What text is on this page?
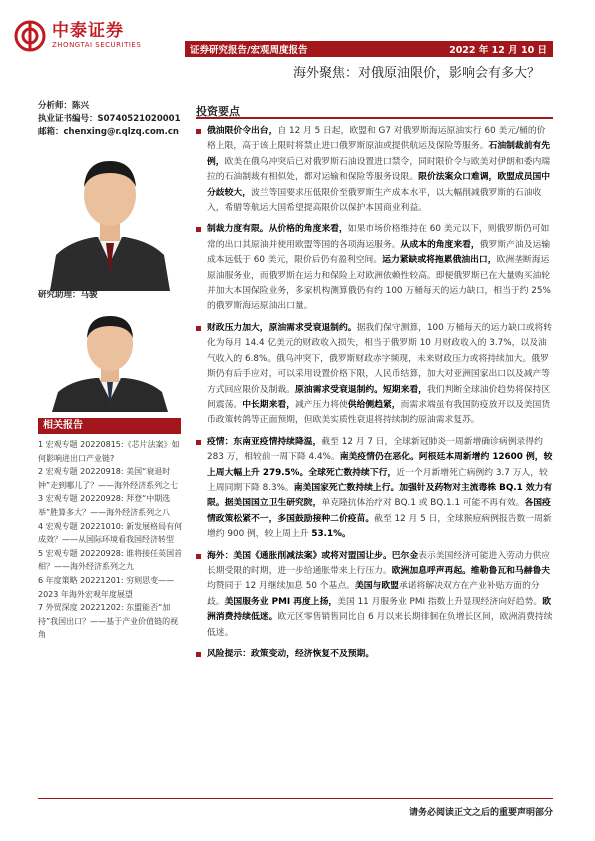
中泰证券
ZHONGTAI SECURITIES	证券研究报告/宏观周度报告	2022 年 12 月 10 日
海外聚焦：对俄原油限价，影响会有多大？
分析师：陈兴
执业证书编号：S0740521020001
邮箱：chenxing@r.qlzq.com.cn
研究助理：马骏
相关报告

1 宏观专题 20220815:《芯片法案》如何影响进出口产业链?

2 宏观专题 20220918: 美国“衰退时钟”走到哪儿了？——海外经济系列之七

3 宏观专题 20220928: 拜登“中期选举”胜算多大？——海外经济系列之八

4 宏观专题 20221010: 新发展格局有何成效？——从国际环境看我国经济转型

5 宏观专题 20220928: 谁将接任英国首相？——海外经济系列之九

6 年度策略 20221201: 穷则思变——2023 年海外宏观年度展望

7 外贸深度 20221202: 东盟能否“加持”我国出口？——基于产业价值链的视角

投资要点
俄油限价令出台，自 12 月 5 日起，欧盟和 G7 对俄罗斯海运原油实行 60 美元/桶的价格上限，高于该上限时将禁止进口俄罗斯原油或提供航运及保险等服务。石油制裁前有先例，欧美在俄乌冲突后已对俄罗斯石油设置进口禁令，同时限价令与欧美对伊朗和委内瑞拉的石油制裁有相似处，都对运输和保险等服务设限。限价法案众口难调，欧盟成员国中分歧较大，波兰等国要求压低限价至俄罗斯生产成本水平，以大幅削减俄罗斯的石油收入，希腊等航运大国希望提高限价以保护本国商业利益。
制裁力度有限。从价格的角度来看，如果市场价格维持在 60 美元以下，则俄罗斯仍可如常的出口其原油并使用欧盟等国的各项海运服务。从成本的角度来看，俄罗斯产油及运输成本远低于 60 美元，限价后仍有盈利空间。运力紧缺或将拖累俄油出口，欧洲垄断海运原油服务业，而俄罗斯在运力和保险上对欧洲依赖性较高。即便俄罗斯已在大量购买油轮并加大本国保险业务，多家机构测算俄仍有约 100 万桶每天的运力缺口，相当于约 25%的俄罗斯海运原油出口量。
财政压力加大，原油需求受衰退制约。据我们保守测算，100 万桶每天的运力缺口或将转化为每月 14.4 亿美元的财政收入损失，相当于俄罗斯 10 月财政收入的 3.7%，以及油气收入的 6.8%。俄乌冲突下，俄罗斯财政赤字频现，未来财政压力或将持续加大。俄罗斯仍有后手应对，可以采用设置价格下限，人民币结算，加大对亚洲国家出口以及减产等方式回应限价及制裁。原油需求受衰退制约。短期来看，我们判断全球油价趋势将保持区间震荡。中长期来看，减产压力将使供给侧趋紧，而需求端虽有我国防疫放开以及美国货币政策转鸽等正面预期，但欧美实质性衰退将持续制约原油需求复苏。
疫情：东南亚疫情持续降温，截至 12 月 7 日，全球新冠肺炎一周新增确诊病例录得约 283 万，相较前一周下降 4.4%。南美疫情仍在恶化。阿根廷本周新增约 12600 例，较上周大幅上升 279.5%。全球死亡数持续下行，近一个月新增死亡病例约 3.7 万人，较上周同期下降 8.3%。南美国家死亡数持续上行。加强针及药物对主流毒株 BQ.1 效力有限。据美国国立卫生研究院，单克隆抗体治疗对 BQ.1 或 BQ.1.1 可能不再有效。各国疫情政策松紧不一，多国鼓励接种二价疫苗。截至 12 月 5 日，全球猴痘病例报告数一周新增约 900 例，较上周上升 53.1%。
海外：美国《通胀削减法案》或将对盟国让步。巴尔金表示美国经济可能进入劳动力供应长期受限的时期，进一步给通胀带来上行压力。欧洲加息呼声再起。维勒鲁瓦和马赫鲁夫均赞同于 12 月继续加息 50 个基点。美国与欧盟承诺将解决双方在产业补贴方面的分歧。美国服务业 PMI 再度上扬，美国 11 月服务业 PMI 指数上升显现经济向好趋势。欧洲消费持续低迷。欧元区零售销售同比自 6 月以来长期徘徊在负增长区间，欧洲消费持续低迷。
风险提示：政策变动，经济恢复不及预期。
请务必阅读正文之后的重要声明部分
